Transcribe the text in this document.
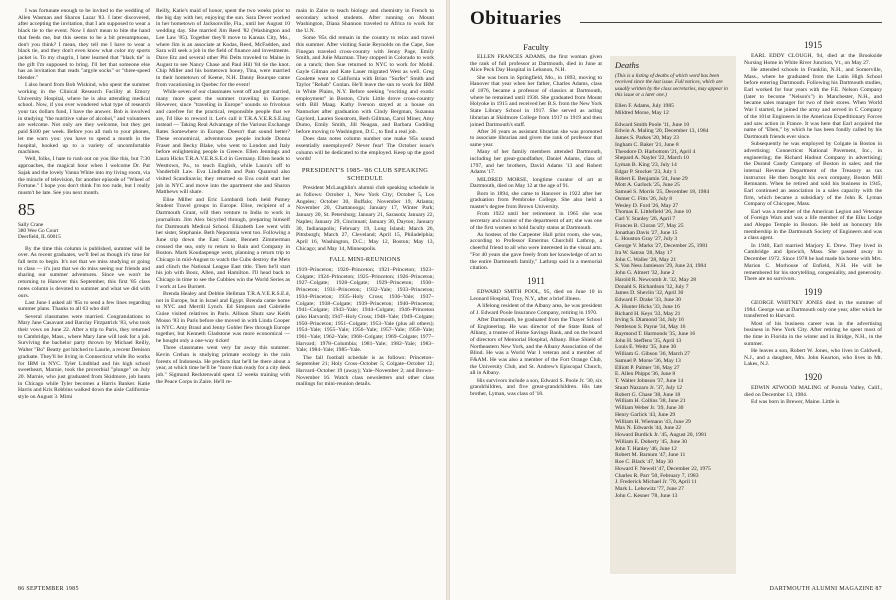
I was fortunate enough to be invited to the wedding of Allen Wasman and Sharon Lazar '83. I later discovered, after accepting the invitation, that I am supposed to wear a black tie to the event. Now I don't mean to bite the hand that feeds me, but this seems to be a bit presumptuous, don't you think? I mean, they tell me I have to wear a black tie, and they don't even know what color my sports jacket is. To my chagrin, I later learned that "black tie" is the gift I'm supposed to bring. I'll bet that someone else has an invitation that reads "argyle socks" or "three-speed blender."

I also heard from Bob Wiskind, who spent the summer working in the Clinical Research Facility at Emory University Hospital, where he is also attending medical school. Now, if you ever wondered what type of research your tax dollars fund, I have the answer. Bob is involved in studying "the nutritive value of alcohol," and volunteers are welcome. Not only are they welcome, but they get paid $100 per week. Before you all rush to your phones, let me warn you: you have to spend a month in the hospital, hooked up to a variety of uncomfortable machines.

Well, folks, I hate to rush out on you like this, but 7:30 approaches, the magical hour when I welcome Dr. Pat Sajak and the lovely Vanna White into my living room, via the miracle of television, for another episode of "Wheel of Fortune." I hope you don't think I'm too rude, but I really mustn't be late. See you next month.

85
Sally Crane
380 Wee Go Court
Deerfield, IL 60015

By the time this column is published, summer will be over. As recent graduates, we'll feel as though it's time for fall term to begin. It's not that we miss studying or going to class — it's just that we do miss seeing our friends and sharing our summer adventures. Since we won't be returning to Hanover this September, this first '85 class notes column is devoted to summer and what we did with ours.

Last June I asked all '85s to send a few lines regarding summer plans. Thanks to all 63 who did!

Several classmates were married. Congratulations to Mary Jane Casavant and Barclay Fitzpatrick '83, who took their vows on June 22. After a trip to Paris, they returned to Cambridge, Mass., where Mary Jane will look for a job. Surviving the bachelor party thrown by Michael Reilly, Walter "Bo" Beatty got hitched to Laurie, a recent Denison graduate. They'll be living in Connecticut while Bo works for IBM in NYC. Tyler Lindblad and his high school sweetheart, Marnie, took the proverbial "plunge" on July 20. Marnie, who just graduated from Skidmore, job hunts in Chicago while Tyler becomes a Harris Banker. Katie Harris and Kris Robbins walked down the aisle California-style on August 3. Mimi

Reilly, Katie's maid of honor, spent the two weeks prior to the big day with her, enjoying the sun. Sara Dever worked in her hometown of Jacksonville, Fla., until her August 10 wedding day. She married Jim Reed '82 (Washington and Lee Law '85). Together they'll move to Kansas City, Mo., where Jim is an associate at Kodas, Reed, McFadden, and Sara will seek a job in the field of finance and investments. Dave Etz and several other Phi Delts traveled to Maine in August to see Nancy Chase and Paul Hill '84 tie the knot. Chip Miller and his hometown honey, Tina, were married in their hometown of Keene, N.H. Danny Bourque came from vacationing in Quebec for the event!

While seven of our classmates went off and got married, many more spent the summer traveling in Europe. However, since "traveling in Europe" sounds so frivolous and carefree for the practical, responsible people that we are, I'd like to reword it. Let's call it T.R.A.V.E.R.S.E.ing instead — Taking Real Advantage of the Various Exchange Rates Somewhere in Europe. Doesn't that sound better? These economical, adventurous people include Donna Fraser and Becky Blake, who went to London and Italy before enlightening people in Greece. Ellen Jennings and Laura Hicks T.R.A.V.E.R.S.E.d in Germany. Ellen heads to Westtown, Pa., to teach English, while Laura's off to Vanderbilt Law. Eva Lindholm and Pam Quanrud also visited Scandinavia; they returned so Eva could start her job in NYC and move into the apartment she and Sharon Matthews will share.

Elise Miller and Eric Lombardi both held Putney Student Travel groups in Europe. Elise, recipient of a Dartmouth Grant, will then venture to India to work in journalism. Jim Alex bicycled through, preparing himself for Dartmouth Medical School. Elizabeth Lee went with her sister, Stephanie. Beth Nepomnia went too. Following a June trip down the East Coast, Bennett Zimmerman crossed the sea, only to return to Bain and Company in Boston. Mark Koudaspenge went, planning a return trip to Chicago in mid-August to watch the Cubs destroy the Mets and clinch the National League East title. Then he'll start his job with Booz, Allen, and Hamilton. I'll head back to Chicago in time to see the Cubbies win the World Series as I work at Leo Burnett.

Brenda Healey and Debbie Hellman T.R.A.V.E.R.S.E.d, not in Europe, but in Israel and Egypt. Brenda came home to NYC and Merrill Lynch. Ed Simpson and Gabrielle Guise visited relatives in Paris. Allison Shutz saw Keith Mosso '83 in Paris before she moved in with Linda Cooper in NYC. Amy Braul and Jenny Gohler flew through Europe together, but Kenneth Gladstone was more economical — he bought only a one-way ticket!

Three classmates went very far away this summer. Kevin Crehan is studying primate ecology in the rain forests of Indonesia. He predicts that he'll be there about a year, at which time he'll be "more than ready for a city desk job." Sigmund Recktenwald spent 12 weeks training with the Peace Corps in Zaire. He'll re-

main in Zaire to teach biology and chemistry in French to secondary school students. After running on Mount Washington, Diana Shannon traveled to Africa to work for the U.N.

Some '85s did remain in the country to relax and travel this summer. After visiting Susie Reynolds on the Cape, Sue Finegan traveled cross-country with Jenny Page, Emily Smith, and Julie Mazman. They stopped in Colorado to work on a ranch; then Sue returned to NYC to work for Mobil. Gayle Gilman and Kate Lauer migrated West as well. Greg Goulette went to California with Brian "Surfer" Smith and Taylor "Rehab" Conlan. He'll leave the sun to work for IBM in White Plains, N.Y. Before seeking "exciting and exotic employment" in Boston, Chris Little drove cross-country with Bill Maag. Kathy Iverson stayed at a house on Nantucket after graduation with Cindy Bergman, Suzanna Gaylord, Lauren Sonstrom, Beth Gillman, Carol Miner, Amy Dumo, Emily Smith, Jill Neagan, and Barbara Codding before moving to Washington, D.C., to find a real job.

Does data notes column number one make '85s sound essentially unemployed? Never fear! The October issue's column will be dedicated to the employed. Keep up the good words!

PRESIDENT'S 1985–'86 CLUB SPEAKING SCHEDULE

President McLaughlin's alumni club speaking schedule is as follows: October 1, New York City; October 5, Los Angeles; October 30, Buffalo; November 19, Atlanta; November 20, Chattanooga; January 17, Winter Park; January 20, St. Petersburg; January 21, Sarasota; January 22, Naples; January 29, Cincinnati; January 30, Dayton; January 30, Indianapolis; February 19, Long Island; March 26, Pittsburgh; March 27, Cleveland; April 15, Philadelphia; April 16, Washington, D.C.; May 12, Boston; May 13, Chicago; and May 14, Minneapolis.

FALL MINI-REUNIONS

1919–Princeton; 1920–Princeton; 1921–Princeton; 1923–Colgate; 1924–Princeton; 1925–Princeton; 1926–Princeton; 1927–Colgate; 1928–Colgate; 1929–Princeton; 1930–Princeton; 1931–Princeton; 1932–Yale; 1933–Princeton; 1934–Princeton; 1935–Holy Cross; 1936–Yale; 1937–Colgate; 1938–Colgate; 1939–Princeton; 1940–Princeton; 1941–Colgate; 1943–Yale; 1944–Colgate; 1946–Princeton (also Harvard); 1947–Holy Cross; 1948–Yale; 1949–Colgate; 1950–Princeton; 1951–Colgate; 1953–Yale (plus all others); 1954–Yale; 1955–Yale; 1956–Yale; 1957–Yale; 1958–Yale; 1961–Yale; 1962–Yale; 1968–Colgate; 1969–Colgate; 1977–Harvard; 1978–Columbia; 1981–Yale; 1982–Yale; 1983–Yale; 1984–Yale; 1985–Yale.

The fall football schedule is as follows: Princeton–September 21; Holy Cross–October 5; Colgate–October 12; Harvard–October 19 (away); Yale–November 2; and Brown–November 16. Watch class newsletters and other class mailings for mini-reunion details.

86 SEPTEMBER 1985
Obituaries
Faculty

ELLEN FRANCES ADAMS, the first woman given the rank of full professor at Dartmouth, died in June at Alice Peck Day Hospital in Lebanon, N.H.

She was born in Springfield, Mo., in 1893, moving to Hanover that year when her father, Charles Adams, class of 1876, became a professor of classics at Dartmouth, where he remained until 1938. She graduated from Mount Holyoke in 1915 and received her B.S. from the New York State Library School in 1917. She served as acting librarian at Skidmore College from 1917 to 1919 and then joined Dartmouth's staff.

After 36 years as assistant librarian she was promoted to associate librarian and given the rank of professor that same year.

Many of her family members attended Dartmouth, including her great-grandfather, Daniel Adams, class of 1797, and her brothers, David Adams '13 and Robert Adams '17.

MILDRED MORSE, longtime curator of art at Dartmouth, died on May 12 at the age of 91.

Born in 1894, she came to Hanover in 1922 after her graduation from Pembroke College. She also held a master's degree from Brown University.

From 1922 until her retirement in 1965 she was secretary and curator of the department of art; she was one of the first women to hold faculty status at Dartmouth.

As hostess of the Carpenter Hall print room, she was, according to Professor Emeritus Churchill Lathrop, a cheerful friend to all who were interested in the visual arts. "For 40 years she gave freely from her knowledge of art to the entire Dartmouth family," Lathrop said in a memorial citation.

1911

EDWARD SMITH POOL, 95, died on June 10 in Leonard Hospital, Troy, N.Y., after a brief illness.

A lifelong resident of the Albany area, he was president of J. Edward Poole Insurance Company, retiring in 1970.

After Dartmouth, he graduated from the Thayer School of Engineering. He was director of the State Bank of Albany, a trustee of Home Savings Bank, and on the board of directors of Memorial Hospital, Albany. Blue Shield of Northeastern New York, and the Albany Association of the Blind. He was a World War I veteran and a member of F&AM. He was also a member of the Fort Orange Club, the University Club, and St. Andrew's Episcopal Church, all in Albany.

His survivors include a son, Edward S. Poole Jr. '30, six grandchildren, and five great-grandchildren. His late brother, Lyman, was class of '18.

Deaths
(This is a listing of deaths of which word has been received since the last issue. Full notices, which are usually written by the class secretaries, may appear in this issue or a later one.)
Ellen F. Adams, July 1985
Mildred Morse, May 12
Edward Smith Poole '11, June 10
Edwin A. Maling '20, December 13, 1984
James S. Parkes '20, May 23
Ingham C. Baker '21, June 8
Theodore D. Harbottom '21, April 4
Shepard A. Nayler '22, March 10
Lyman B. King '23, July 14
Edgar P. Stocker '23, July 1
Robert E. Benjamin '24, June 29
Mott A. Garlock '25, June 25
Samuel S. Morris '25, December 18, 1984
Osmer C. Fitts '26, July 8
Wesley D. Ford '26, May 27
Thomas E. Littlefield '26, June 10
Carl Y. Stanley '26, April 7
Frances B. Cloran '27, May 25
Jonathan Davis '27, June 15
L. Houston Gray '27, July 3
George V. Marks '27, December 25, 1981
Ira W. Satran '28, May 17
John C. Waller '28, May 21
S. Van Ness Jamieson '29, June 24, 1984
John G. Almert '32, June 2
Harold R. Newcomb Jr. '32, May 28
Donald S. Richardson '32, July 7
James D. Shevlin '32, April 30
Edward F. Drake '33, June 30
A. Hunter Hicks '33, June 16
Richard H. Keys '33, May 21
Irving S. Diamond '34, July 16
Nettleson S. Payne '34, May 16
Raymond T. Harmonds '35, June 16
John H. Steffens '35, April 13
Louis E. Weitz '35, June 30
William G. Gibson '36, March 27
Samuel P. Morse '36, May 13
Elliott P. Palmer '36, May 27
E. Allen Phipps '36, June 8
T. Walter Johnson '37, June 14
Stuart Nazzaro Jr. '37, July 12
Robert G. Chase '38, June 18
William H. Collins '38, June 21
William Weber Jr. '39, June 30
Henry Garlick '43, June 29
William H. Wiemann '43, June 29
Max N. Edwards '44, June 22
Howard Burdick Jr. '45, August 20, 1981
William E. Doherty '45, June 30
John T. Hanley '46, June 12
Robert M. Barnum '47, June 11
Roe C. Black '47, May 30
Howard F. Newell '47, December 22, 1975
Charles R. Parr '50, February 7, 1983
J. Frederick Michael Jr. '70, April 11
Mark L. Lebowitz '77, June 27
John C. Kesner '78, June 13
1915

EARL EDDY CLOUGH, 94, died at the Brookside Nursing Home in White River Junction, Vt., on May 27.

He attended schools in Franklin, N.H., and Somerville, Mass., where he graduated from the Latin High School before entering Dartmouth. Following his Dartmouth studies, Earl worked for four years with the F.E. Nelson Company (later to become "Nelson's") in Manchester, N.H., and became sales manager for two of their stores. When World War I started, he joined the army and served in C Company of the 101st Engineers in the American Expeditionary Forces and saw action in France. It was here that Earl acquired the name of "Eben," by which he has been fondly called by his Dartmouth friends ever since.

Subsequently he was employed by Colgate in Boston in advertising; Connecticut National Pavement, Inc., in engineering; the Richard Hudnut Company in advertising; the Durand Candy Company of Boston in sales; and the internal Revenue Department of the Treasury as tax instructor. He then bought his own company, Boston Mill Remnants. When he retired and sold his business in 1945, Earl continued an association in a sales capacity with the firm, which became a subsidiary of the John R. Lyman Company of Chicopee, Mass.

Earl was a member of the American Legion and Veterans of Foreign Wars and was a life member of the Elks Lodge and Aleppo Temple in Boston. He held an honorary life membership in the Dartmouth Society of Engineers and was a class agent.

In 1940, Earl married Marjory E. Drew. They lived in Cambridge and Ipswich, Mass. She passed away in December 1972. Since 1978 he had made his home with Mrs. Marion C. Morhouse of Enfield, N.H. He will be remembered for his storytelling, congeniality, and generosity. There are no survivors.

1919

GEORGE WHITNEY JONES died in the summer of 1984. George was at Dartmouth only one year, after which he transferred to Harvard.

Most of his business career was in the advertising business in New York City. After retiring he spent most of the time in Florida in the winter and in Bridge, N.H., in the summer.

He leaves a son, Robert W. Jones, who lives in Caldwell, N.J., and a daughter, Mrs. John Kearton, who lives in Mt. Lakes, N.J.

1920

EDWIN ATWOOD MALING of Portola Valley, Calif., died on December 13, 1984.

Ed was born in Brewer, Maine. Little is

DARTMOUTH ALUMNI MAGAZINE 87
